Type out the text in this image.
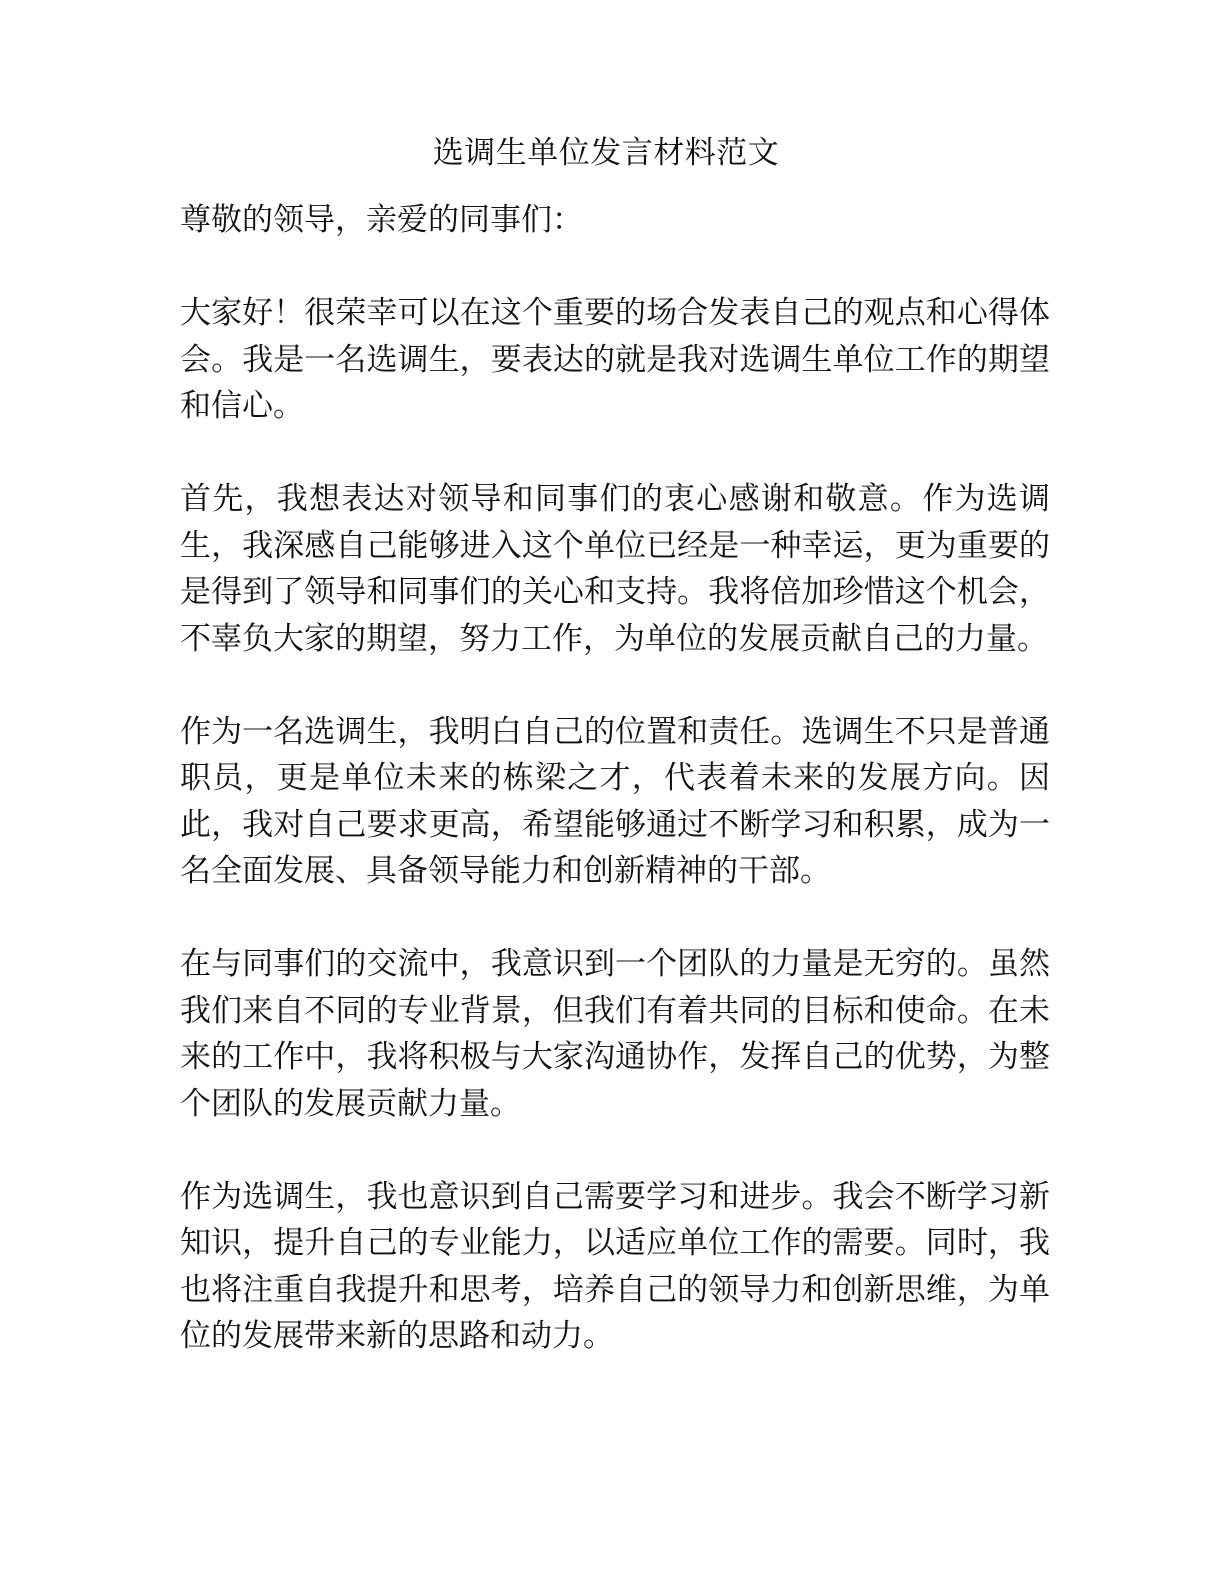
选调生单位发言材料范文

尊敬的领导，亲爱的同事们：

大家好！很荣幸可以在这个重要的场合发表自己的观点和心得体会。我是一名选调生，要表达的就是我对选调生单位工作的期望和信心。

首先，我想表达对领导和同事们的衷心感谢和敬意。作为选调生，我深感自己能够进入这个单位已经是一种幸运，更为重要的是得到了领导和同事们的关心和支持。我将倍加珍惜这个机会，不辜负大家的期望，努力工作，为单位的发展贡献自己的力量。

作为一名选调生，我明白自己的位置和责任。选调生不只是普通职员，更是单位未来的栋梁之才，代表着未来的发展方向。因此，我对自己要求更高，希望能够通过不断学习和积累，成为一名全面发展、具备领导能力和创新精神的干部。

在与同事们的交流中，我意识到一个团队的力量是无穷的。虽然我们来自不同的专业背景，但我们有着共同的目标和使命。在未来的工作中，我将积极与大家沟通协作，发挥自己的优势，为整个团队的发展贡献力量。

作为选调生，我也意识到自己需要学习和进步。我会不断学习新知识，提升自己的专业能力，以适应单位工作的需要。同时，我也将注重自我提升和思考，培养自己的领导力和创新思维，为单位的发展带来新的思路和动力。
